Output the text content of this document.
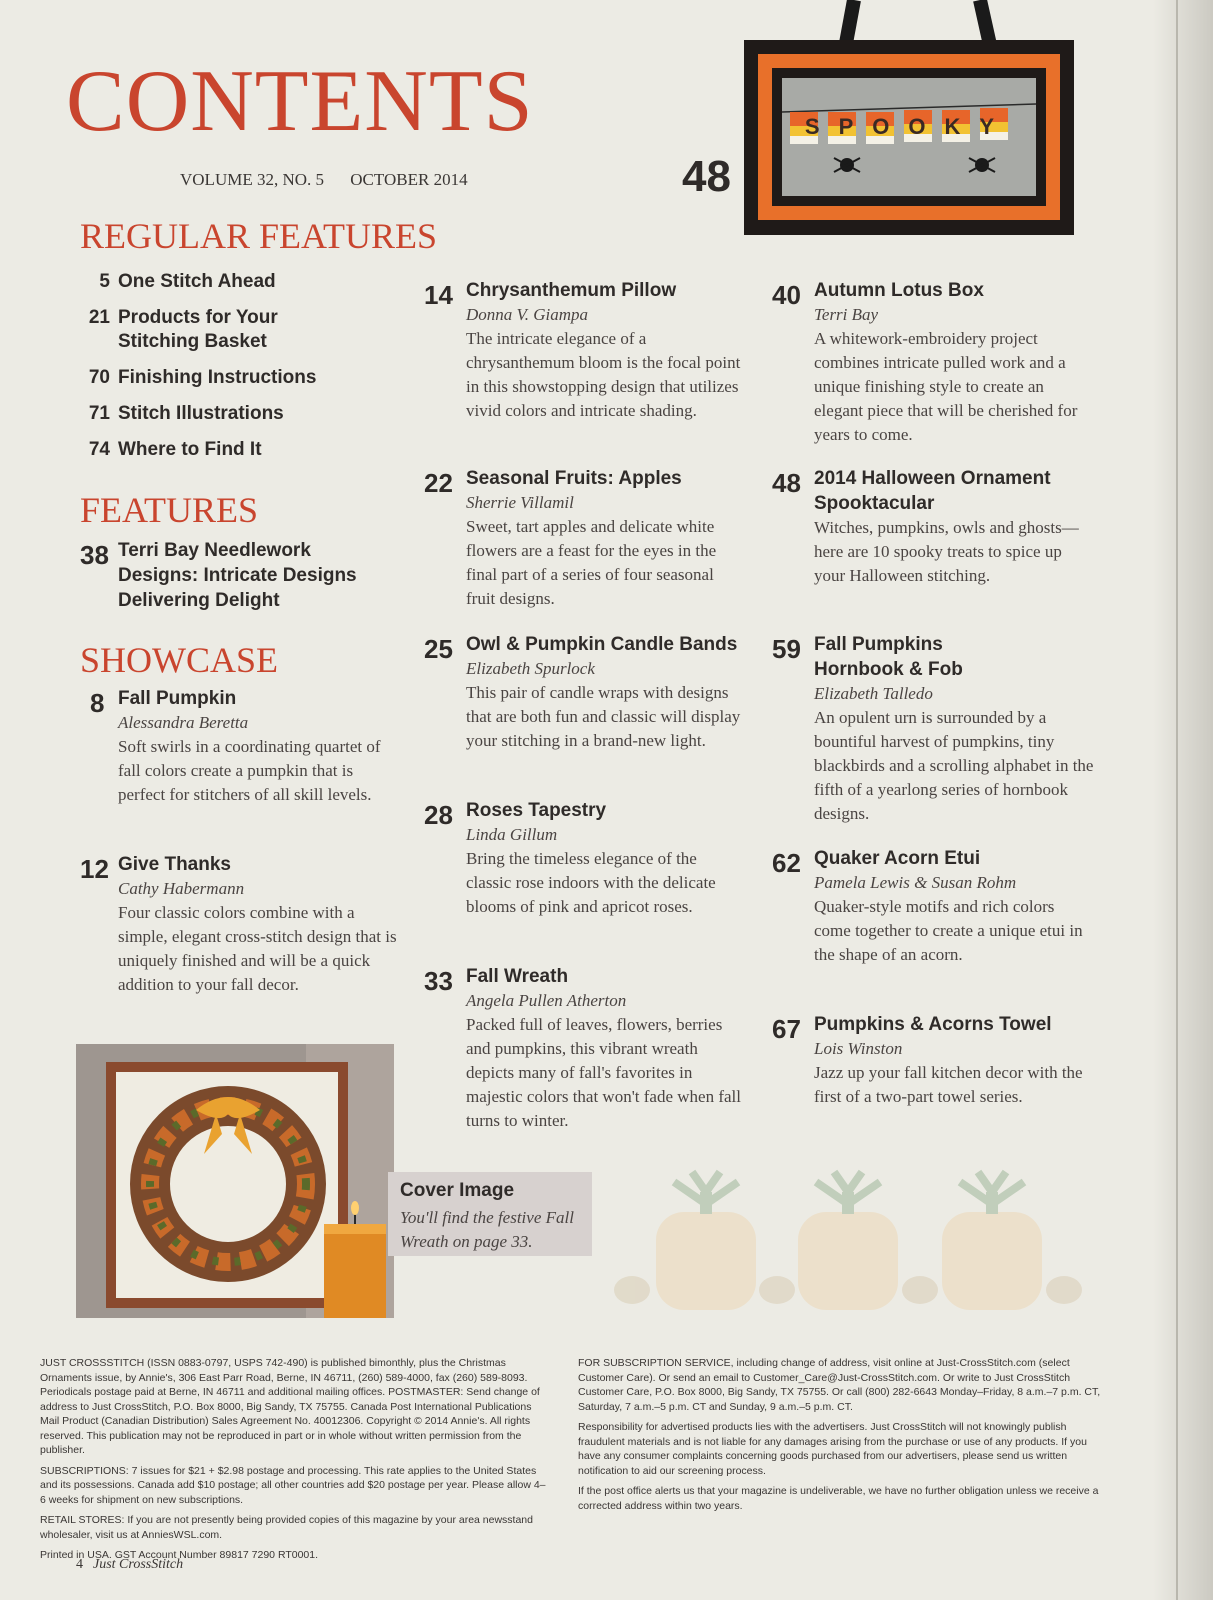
CONTENTS
VOLUME 32, NO. 5 OCTOBER 2014	48
SPOOKY
REGULAR FEATURES
5 One Stitch Ahead
21 Products for Your Stitching Basket
70 Finishing Instructions
71 Stitch Illustrations
74 Where to Find It
FEATURES
38 Terri Bay Needlework Designs: Intricate Designs Delivering Delight
SHOWCASE
8 Fall Pumpkin
Alessandra Beretta
Soft swirls in a coordinating quartet of fall colors create a pumpkin that is perfect for stitchers of all skill levels.
12 Give Thanks
Cathy Habermann
Four classic colors combine with a simple, elegant cross-stitch design that is uniquely finished and will be a quick addition to your fall decor.
14 Chrysanthemum Pillow
Donna V. Giampa
The intricate elegance of a chrysanthemum bloom is the focal point in this showstopping design that utilizes vivid colors and intricate shading.
22 Seasonal Fruits: Apples
Sherrie Villamil
Sweet, tart apples and delicate white flowers are a feast for the eyes in the final part of a series of four seasonal fruit designs.
25 Owl & Pumpkin Candle Bands
Elizabeth Spurlock
This pair of candle wraps with designs that are both fun and classic will display your stitching in a brand-new light.
28 Roses Tapestry
Linda Gillum
Bring the timeless elegance of the classic rose indoors with the delicate blooms of pink and apricot roses.
33 Fall Wreath
Angela Pullen Atherton
Packed full of leaves, flowers, berries and pumpkins, this vibrant wreath depicts many of fall's favorites in majestic colors that won't fade when fall turns to winter.
40 Autumn Lotus Box
Terri Bay
A whitework-embroidery project combines intricate pulled work and a unique finishing style to create an elegant piece that will be cherished for years to come.
48 2014 Halloween Ornament Spooktacular
Witches, pumpkins, owls and ghosts—here are 10 spooky treats to spice up your Halloween stitching.
59 Fall Pumpkins Hornbook & Fob
Elizabeth Talledo
An opulent urn is surrounded by a bountiful harvest of pumpkins, tiny blackbirds and a scrolling alphabet in the fifth of a yearlong series of hornbook designs.
62 Quaker Acorn Etui
Pamela Lewis & Susan Rohm
Quaker-style motifs and rich colors come together to create a unique etui in the shape of an acorn.
67 Pumpkins & Acorns Towel
Lois Winston
Jazz up your fall kitchen decor with the first of a two-part towel series.
Cover Image
You'll find the festive Fall Wreath on page 33.
JUST CROSSSTITCH (ISSN 0883-0797, USPS 742-490) is published bimonthly, plus the Christmas Ornaments issue, by Annie's, 306 East Parr Road, Berne, IN 46711, (260) 589-4000, fax (260) 589-8093. Periodicals postage paid at Berne, IN 46711 and additional mailing offices. POSTMASTER: Send change of address to Just CrossStitch, P.O. Box 8000, Big Sandy, TX 75755. Canada Post International Publications Mail Product (Canadian Distribution) Sales Agreement No. 40012306. Copyright © 2014 Annie's. All rights reserved. This publication may not be reproduced in part or in whole without written permission from the publisher.
SUBSCRIPTIONS: 7 issues for $21 + $2.98 postage and processing. This rate applies to the United States and its possessions. Canada add $10 postage; all other countries add $20 postage per year. Please allow 4–6 weeks for shipment on new subscriptions.
RETAIL STORES: If you are not presently being provided copies of this magazine by your area newsstand wholesaler, visit us at AnniesWSL.com.
Printed in USA. GST Account Number 89817 7290 RT0001.
FOR SUBSCRIPTION SERVICE, including change of address, visit online at Just-CrossStitch.com (select Customer Care). Or send an email to Customer_Care@Just-CrossStitch.com. Or write to Just CrossStitch Customer Care, P.O. Box 8000, Big Sandy, TX 75755. Or call (800) 282-6643 Monday–Friday, 8 a.m.–7 p.m. CT, Saturday, 7 a.m.–5 p.m. CT and Sunday, 9 a.m.–5 p.m. CT.
Responsibility for advertised products lies with the advertisers. Just CrossStitch will not knowingly publish fraudulent materials and is not liable for any damages arising from the purchase or use of any products. If you have any consumer complaints concerning goods purchased from our advertisers, please send us written notification to aid our screening process.
If the post office alerts us that your magazine is undeliverable, we have no further obligation unless we receive a corrected address within two years.
4 Just CrossStitch
